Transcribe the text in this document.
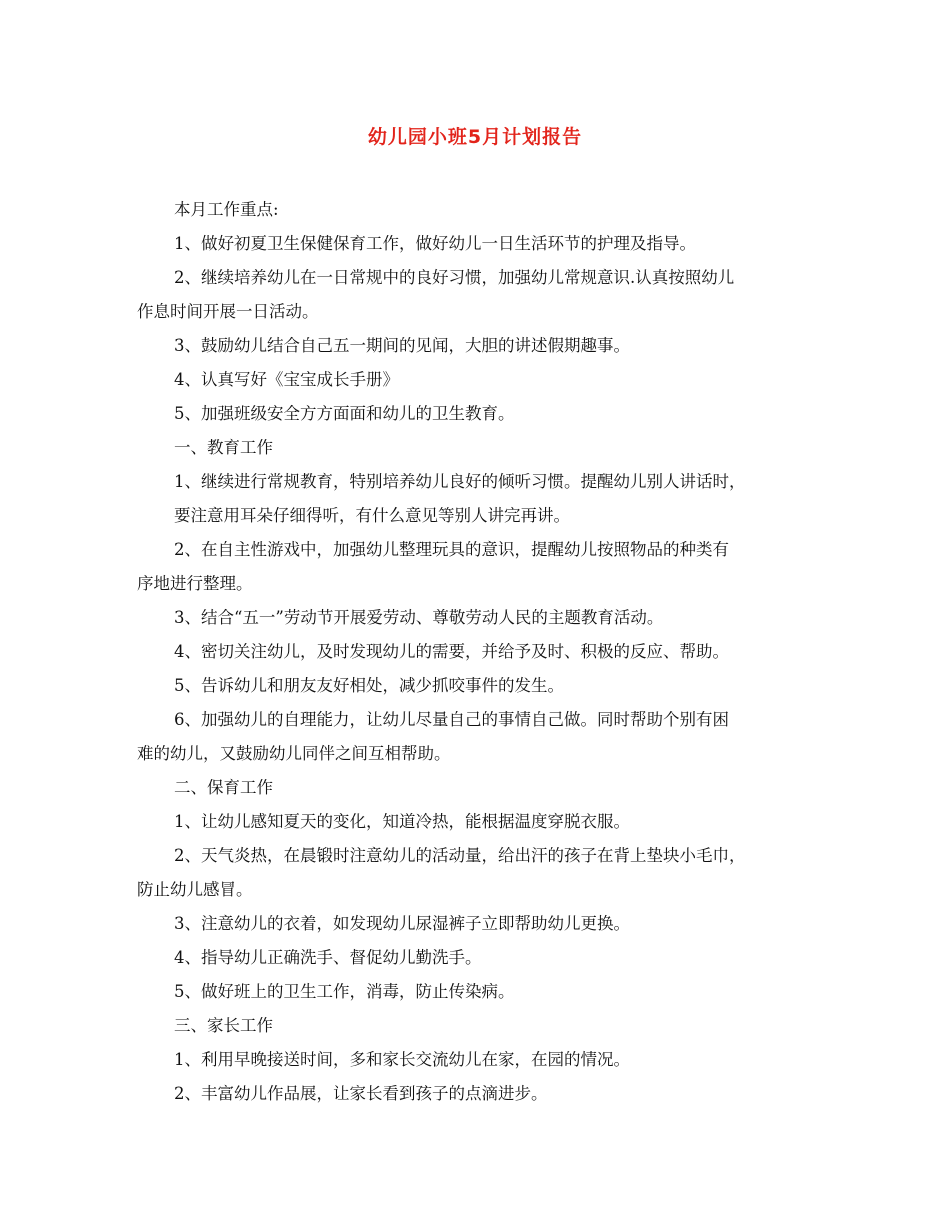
幼儿园小班5月计划报告

本月工作重点:

1、做好初夏卫生保健保育工作，做好幼儿一日生活环节的护理及指导。

2、继续培养幼儿在一日常规中的良好习惯，加强幼儿常规意识.认真按照幼儿

作息时间开展一日活动。

3、鼓励幼儿结合自己五一期间的见闻，大胆的讲述假期趣事。

4、认真写好《宝宝成长手册》

5、加强班级安全方方面面和幼儿的卫生教育。

一、教育工作

1、继续进行常规教育，特别培养幼儿良好的倾听习惯。提醒幼儿别人讲话时，

要注意用耳朵仔细得听，有什么意见等别人讲完再讲。

2、在自主性游戏中，加强幼儿整理玩具的意识，提醒幼儿按照物品的种类有

序地进行整理。

3、结合“五一”劳动节开展爱劳动、尊敬劳动人民的主题教育活动。

4、密切关注幼儿，及时发现幼儿的需要，并给予及时、积极的反应、帮助。

5、告诉幼儿和朋友友好相处，减少抓咬事件的发生。

6、加强幼儿的自理能力，让幼儿尽量自己的事情自己做。同时帮助个别有困

难的幼儿，又鼓励幼儿同伴之间互相帮助。

二、保育工作

1、让幼儿感知夏天的变化，知道冷热，能根据温度穿脱衣服。

2、天气炎热，在晨锻时注意幼儿的活动量，给出汗的孩子在背上垫块小毛巾，

防止幼儿感冒。

3、注意幼儿的衣着，如发现幼儿尿湿裤子立即帮助幼儿更换。

4、指导幼儿正确洗手、督促幼儿勤洗手。

5、做好班上的卫生工作，消毒，防止传染病。

三、家长工作

1、利用早晚接送时间，多和家长交流幼儿在家，在园的情况。

2、丰富幼儿作品展，让家长看到孩子的点滴进步。
